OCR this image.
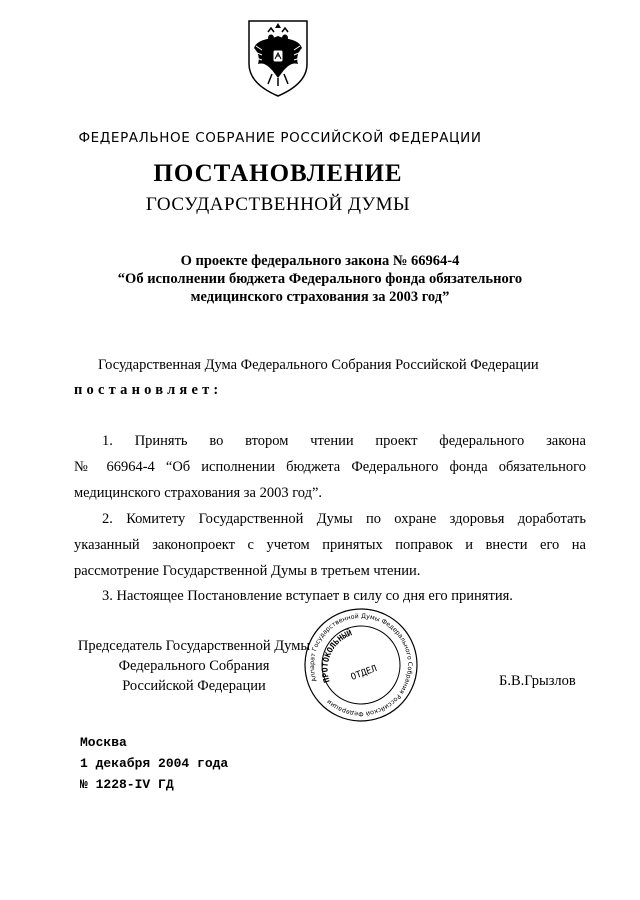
ФЕДЕРАЛЬНОЕ СОБРАНИЕ РОССИЙСКОЙ ФЕДЕРАЦИИ
ПОСТАНОВЛЕНИЕ
ГОСУДАРСТВЕННОЙ ДУМЫ
О проекте федерального закона № 66964-4
“Об исполнении бюджета Федерального фонда обязательного
медицинского страхования за 2003 год”
Государственная Дума Федерального Собрания Российской Федерации
постановляет:
1. Принять во втором чтении проект федерального закона
№ 66964-4 “Об исполнении бюджета Федерального фонда обязательного
медицинского страхования за 2003 год”.
2. Комитету Государственной Думы по охране здоровья доработать
указанный законопроект с учетом принятых поправок и внести его на
рассмотрение Государственной Думы в третьем чтении.
3. Настоящее Постановление вступает в силу со дня его принятия.
Председатель Государственной Думы
Федерального Собрания
Российской Федерации	Аппарат Государственной Думы Федерального Собрания Российской Федерации
ПРОТОКОЛЬНЫЙ
ОТДЕЛ	Б.В.Грызлов
Москва
1 декабря 2004 года
№ 1228-IV ГД
